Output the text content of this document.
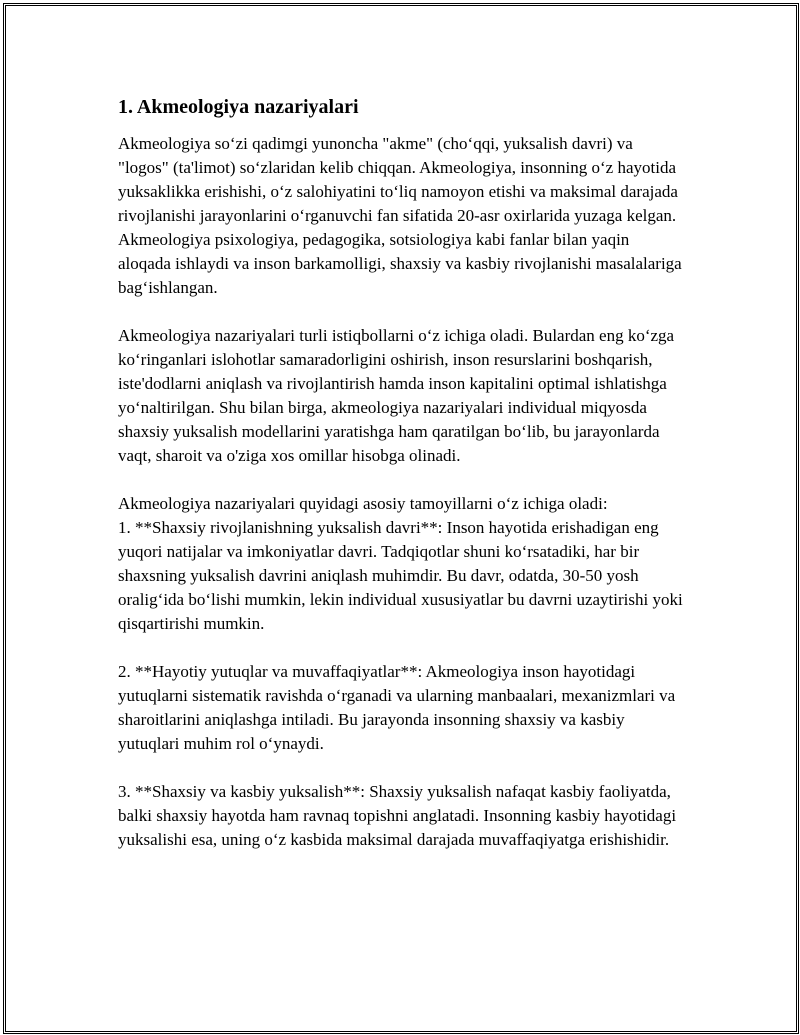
1. Akmeologiya nazariyalari

Akmeologiya so‘zi qadimgi yunoncha "akme" (cho‘qqi, yuksalish davri) va "logos" (ta'limot) so‘zlaridan kelib chiqqan. Akmeologiya, insonning o‘z hayotida yuksaklikka erishishi, o‘z salohiyatini to‘liq namoyon etishi va maksimal darajada rivojlanishi jarayonlarini o‘rganuvchi fan sifatida 20-asr oxirlarida yuzaga kelgan. Akmeologiya psixologiya, pedagogika, sotsiologiya kabi fanlar bilan yaqin aloqada ishlaydi va inson barkamolligi, shaxsiy va kasbiy rivojlanishi masalalariga bag‘ishlangan.

Akmeologiya nazariyalari turli istiqbollarni o‘z ichiga oladi. Bulardan eng ko‘zga ko‘ringanlari islohotlar samaradorligini oshirish, inson resurslarini boshqarish, iste'dodlarni aniqlash va rivojlantirish hamda inson kapitalini optimal ishlatishga yo‘naltirilgan. Shu bilan birga, akmeologiya nazariyalari individual miqyosda shaxsiy yuksalish modellarini yaratishga ham qaratilgan bo‘lib, bu jarayonlarda vaqt, sharoit va o'ziga xos omillar hisobga olinadi.

Akmeologiya nazariyalari quyidagi asosiy tamoyillarni o‘z ichiga oladi:
1. **Shaxsiy rivojlanishning yuksalish davri**: Inson hayotida erishadigan eng yuqori natijalar va imkoniyatlar davri. Tadqiqotlar shuni ko‘rsatadiki, har bir shaxsning yuksalish davrini aniqlash muhimdir. Bu davr, odatda, 30-50 yosh oralig‘ida bo‘lishi mumkin, lekin individual xususiyatlar bu davrni uzaytirishi yoki qisqartirishi mumkin.

2. **Hayotiy yutuqlar va muvaffaqiyatlar**: Akmeologiya inson hayotidagi yutuqlarni sistematik ravishda o‘rganadi va ularning manbaalari, mexanizmlari va sharoitlarini aniqlashga intiladi. Bu jarayonda insonning shaxsiy va kasbiy yutuqlari muhim rol o‘ynaydi.

3. **Shaxsiy va kasbiy yuksalish**: Shaxsiy yuksalish nafaqat kasbiy faoliyatda, balki shaxsiy hayotda ham ravnaq topishni anglatadi. Insonning kasbiy hayotidagi yuksalishi esa, uning o‘z kasbida maksimal darajada muvaffaqiyatga erishishidir.
